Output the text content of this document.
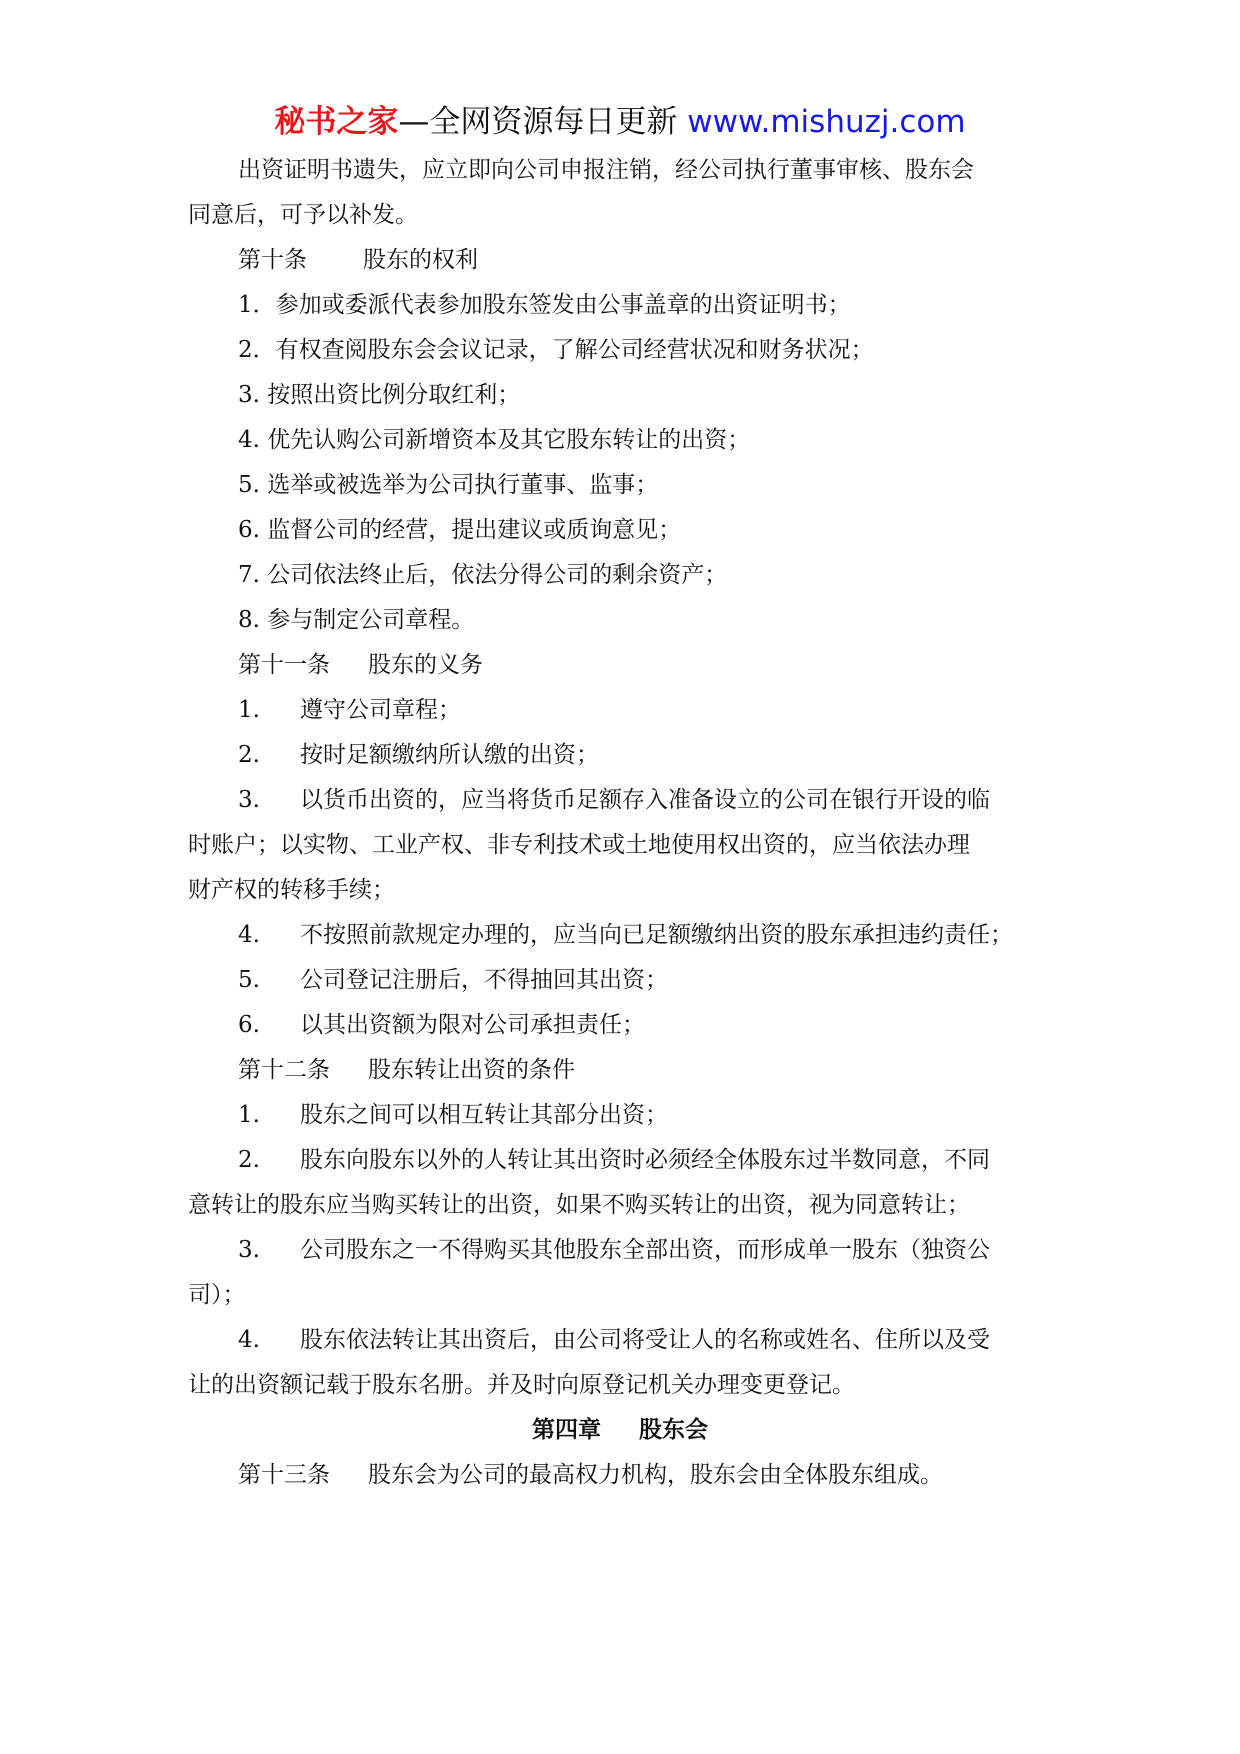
秘书之家—全网资源每日更新 www.mishuzj.com
出资证明书遗失，应立即向公司申报注销，经公司执行董事审核、股东会
同意后，可予以补发。
第十条 股东的权利
1．参加或委派代表参加股东签发由公事盖章的出资证明书；
2．有权查阅股东会会议记录，了解公司经营状况和财务状况；
3. 按照出资比例分取红利；
4. 优先认购公司新增资本及其它股东转让的出资；
5. 选举或被选举为公司执行董事、监事；
6. 监督公司的经营，提出建议或质询意见；
7. 公司依法终止后，依法分得公司的剩余资产；
8. 参与制定公司章程。
第十一条 股东的义务
1. 遵守公司章程；
2. 按时足额缴纳所认缴的出资；
3. 以货币出资的，应当将货币足额存入准备设立的公司在银行开设的临
时账户；以实物、工业产权、非专利技术或土地使用权出资的，应当依法办理
财产权的转移手续；
4. 不按照前款规定办理的，应当向已足额缴纳出资的股东承担违约责任；
5. 公司登记注册后，不得抽回其出资；
6. 以其出资额为限对公司承担责任；
第十二条 股东转让出资的条件
1. 股东之间可以相互转让其部分出资；
2. 股东向股东以外的人转让其出资时必须经全体股东过半数同意，不同
意转让的股东应当购买转让的出资，如果不购买转让的出资，视为同意转让；
3. 公司股东之一不得购买其他股东全部出资，而形成单一股东（独资公
司）；
4. 股东依法转让其出资后，由公司将受让人的名称或姓名、住所以及受
让的出资额记载于股东名册。并及时向原登记机关办理变更登记。
第四章 股东会
第十三条 股东会为公司的最高权力机构，股东会由全体股东组成。
